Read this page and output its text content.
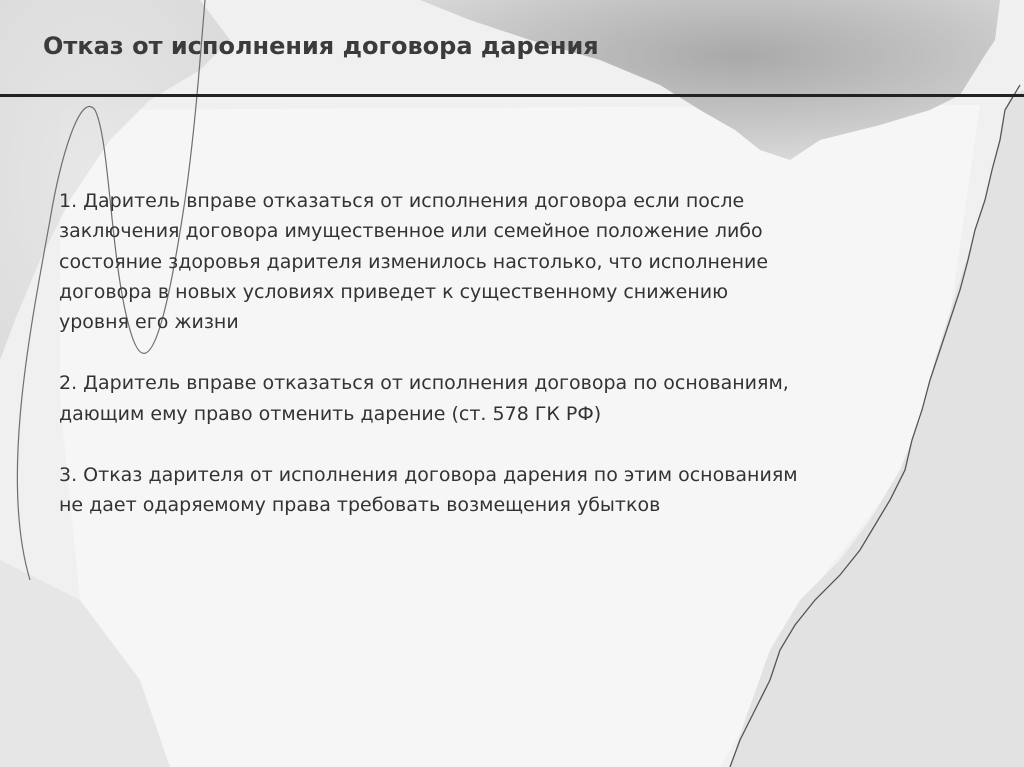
Отказ от исполнения договора дарения

1. Даритель вправе отказаться от исполнения договора если после
заключения договора имущественное или семейное положение либо
состояние здоровья дарителя изменилось настолько, что исполнение
договора в новых условиях приведет к существенному снижению
уровня его жизни

2. Даритель вправе отказаться от исполнения договора по основаниям,
дающим ему право отменить дарение (ст. 578 ГК РФ)

3. Отказ дарителя от исполнения договора дарения по этим основаниям
не дает одаряемому права требовать возмещения убытков
